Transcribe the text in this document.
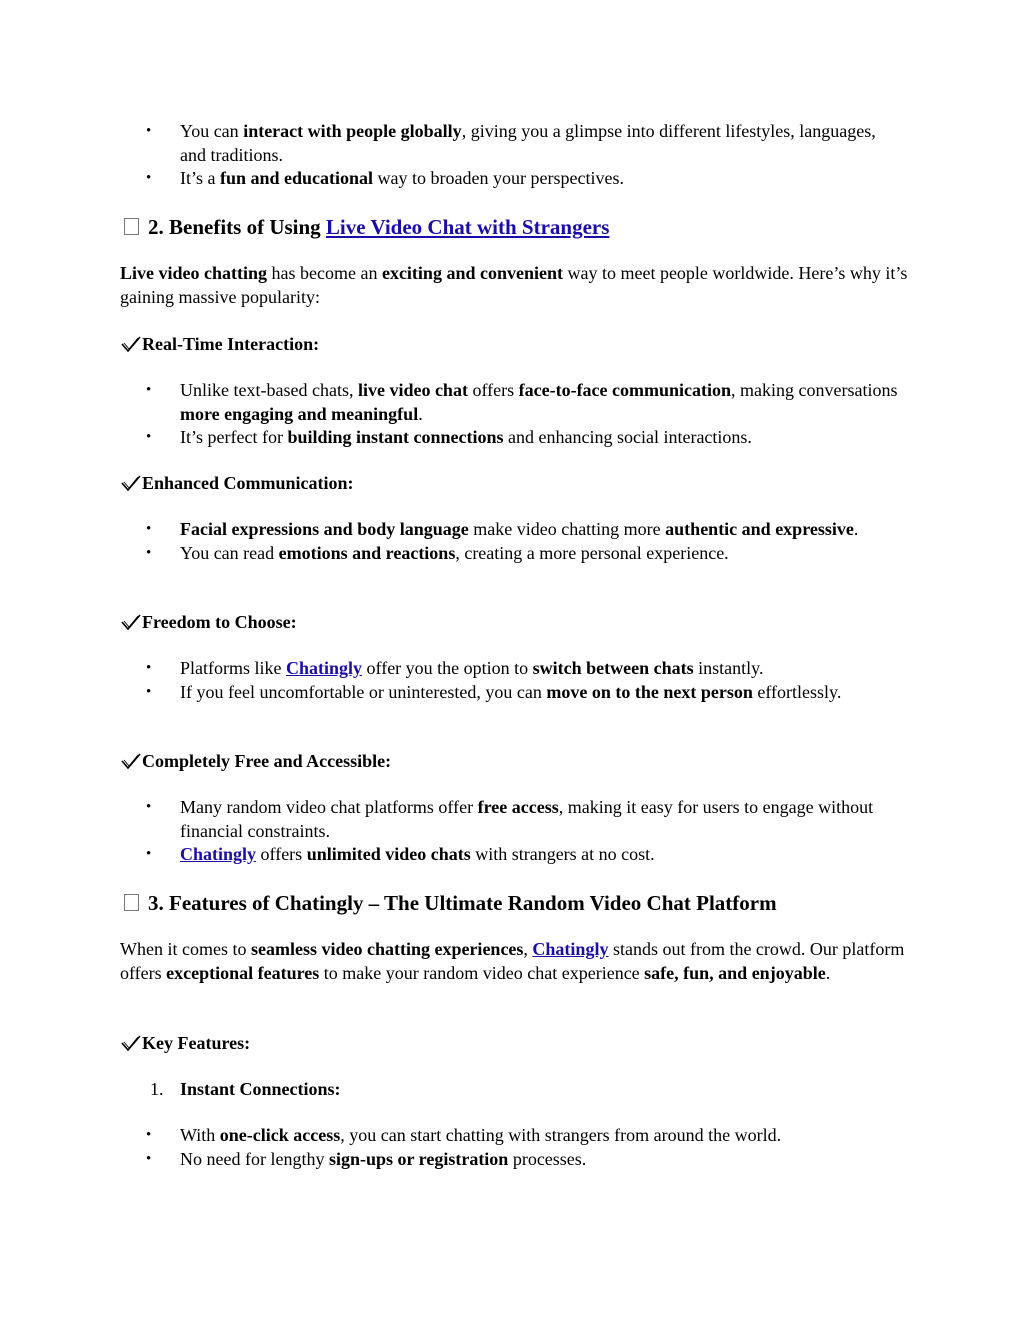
• You can interact with people globally, giving you a glimpse into different lifestyles, languages, and traditions.
• It’s a fun and educational way to broaden your perspectives.
2. Benefits of Using Live Video Chat with Strangers
Live video chatting has become an exciting and convenient way to meet people worldwide. Here’s why it’s gaining massive popularity:
Real-Time Interaction:
• Unlike text-based chats, live video chat offers face-to-face communication, making conversations more engaging and meaningful.
• It’s perfect for building instant connections and enhancing social interactions.
Enhanced Communication:
• Facial expressions and body language make video chatting more authentic and expressive.
• You can read emotions and reactions, creating a more personal experience.
Freedom to Choose:
• Platforms like Chatingly offer you the option to switch between chats instantly.
• If you feel uncomfortable or uninterested, you can move on to the next person effortlessly.
Completely Free and Accessible:
• Many random video chat platforms offer free access, making it easy for users to engage without financial constraints.
• Chatingly offers unlimited video chats with strangers at no cost.
3. Features of Chatingly – The Ultimate Random Video Chat Platform
When it comes to seamless video chatting experiences, Chatingly stands out from the crowd. Our platform offers exceptional features to make your random video chat experience safe, fun, and enjoyable.
Key Features:
1. Instant Connections:
• With one-click access, you can start chatting with strangers from around the world.
• No need for lengthy sign-ups or registration processes.
